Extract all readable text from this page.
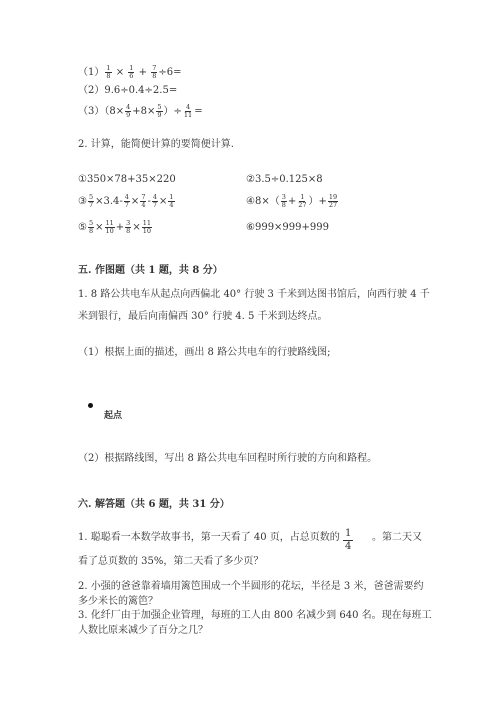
$(1) \frac{1}{8} \times \frac{1}{6} + \frac{7}{8} \div 6=$
（2）9.6÷0.4÷2.5=
$(3)(8\times \frac{4}{9} +8\times \frac{5}{9}$ ）÷ $\frac{4}{11}$ =
2. 计算，能简便计算的要简便计算.
①350×78+35×220	②3.5÷0.125×8
③ $\frac{5}{7} \times 3.4- \frac{4}{7} \times \frac{7}{4} - \frac{4}{7} \times \frac{1}{4}$	④8×（ $\frac{3}{8} + \frac{1}{27}$ ）+ $\frac{19}{27}$
⑤ $\frac{5}{8} \times \frac{11}{10} + \frac{3}{8} \times \frac{11}{10}$	⑥999×999+999
五. 作图题（共 1 题，共 8 分）
1. 8 路公共电车从起点向西偏北 40° 行驶 3 千米到达图书馆后，向西行驶 4 千
米到银行，最后向南偏西 30° 行驶 4. 5 千米到达终点。
（1）根据上面的描述，画出 8 路公共电车的行驶路线图;
起点
（2）根据路线图，写出 8 路公共电车回程时所行驶的方向和路程。
六. 解答题（共 6 题，共 31 分）
1. 聪聪看一本数学故事书，第一天看了 40 页，占总页数的 $\frac{1}{4}$ 。第二天又
看了总页数的 35%，第二天看了多少页？
2. 小强的爸爸靠着墙用篱笆围成一个半圆形的花坛，半径是 3 米，爸爸需要约
多少米长的篱笆？
3. 化纤厂由于加强企业管理，每班的工人由 800 名减少到 640 名。现在每班工
人数比原来减少了百分之几？
